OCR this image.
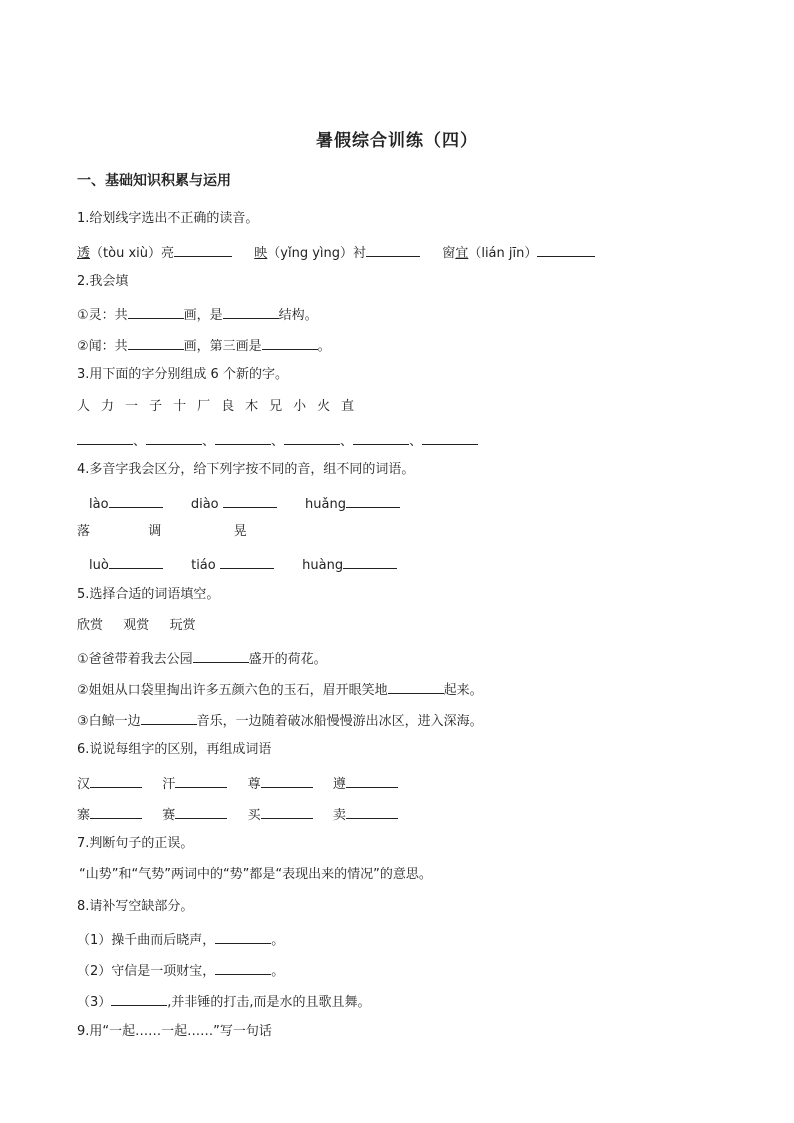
暑假综合训练（四）
一、基础知识积累与运用
1.给划线字选出不正确的读音。
透（tòu xiù）亮	映（yǐng yìng）衬	窗宜（lián jīn）
2.我会填
①灵：共	画，是	结构。
②闻：共	画，第三画是	。
3.用下面的字分别组成 6 个新的字。
人 力 一 子 十 厂 良 木 兄 小 火 直
、	、	、	、	、
4.多音字我会区分，给下列字按不同的音，组不同的词语。
lào	diào	huǎng
落	调	晃
luò	tiáo	huàng
5.选择合适的词语填空。
欣赏 观赏 玩赏
①爸爸带着我去公园	盛开的荷花。
②姐姐从口袋里掏出许多五颜六色的玉石，眉开眼笑地	起来。
③白鲸一边	音乐，一边随着破冰船慢慢游出冰区，进入深海。
6.说说每组字的区别，再组成词语
汉	汗	尊	遵
寨	赛	买	卖
7.判断句子的正误。
“山势”和“气势”两词中的“势”都是“表现出来的情况”的意思。
8.请补写空缺部分。
（1）操千曲而后晓声，	。
（2）守信是一项财宝，	。
（3）	,并非锤的打击,而是水的且歌且舞。
9.用“一起……一起……”写一句话
